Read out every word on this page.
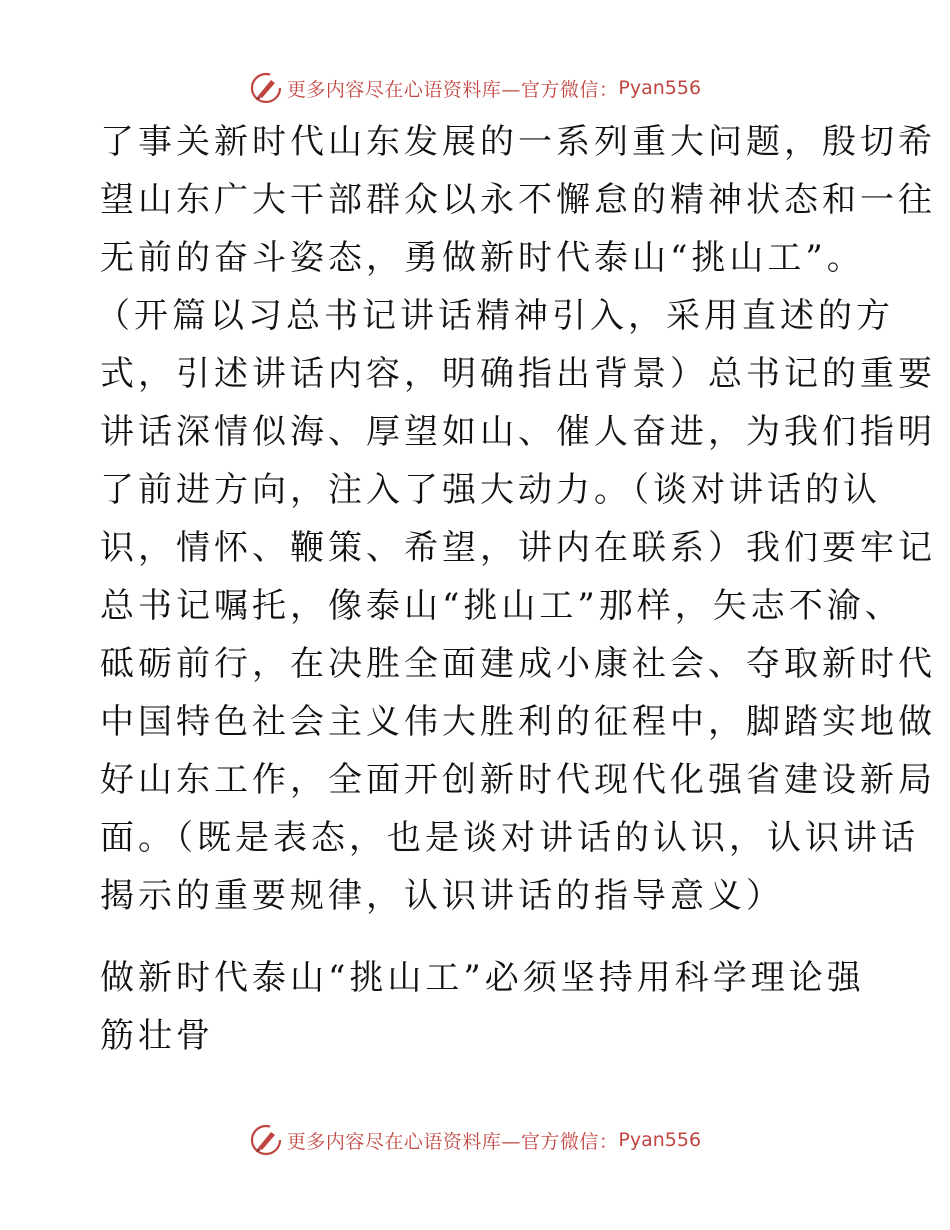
更多内容尽在心语资料库—官方微信： Pyan556
了事关新时代山东发展的一系列重大问题，殷切希
望山东广大干部群众以永不懈怠的精神状态和一往
无前的奋斗姿态，勇做新时代泰山“挑山工”。
（开篇以习总书记讲话精神引入，采用直述的方
式，引述讲话内容，明确指出背景）总书记的重要
讲话深情似海、厚望如山、催人奋进，为我们指明
了前进方向，注入了强大动力。（谈对讲话的认
识，情怀、鞭策、希望，讲内在联系）我们要牢记
总书记嘱托，像泰山“挑山工”那样，矢志不渝、
砥砺前行，在决胜全面建成小康社会、夺取新时代
中国特色社会主义伟大胜利的征程中，脚踏实地做
好山东工作，全面开创新时代现代化强省建设新局
面。（既是表态，也是谈对讲话的认识，认识讲话
揭示的重要规律，认识讲话的指导意义）
做新时代泰山“挑山工”必须坚持用科学理论强
筋壮骨
更多内容尽在心语资料库—官方微信： Pyan556
